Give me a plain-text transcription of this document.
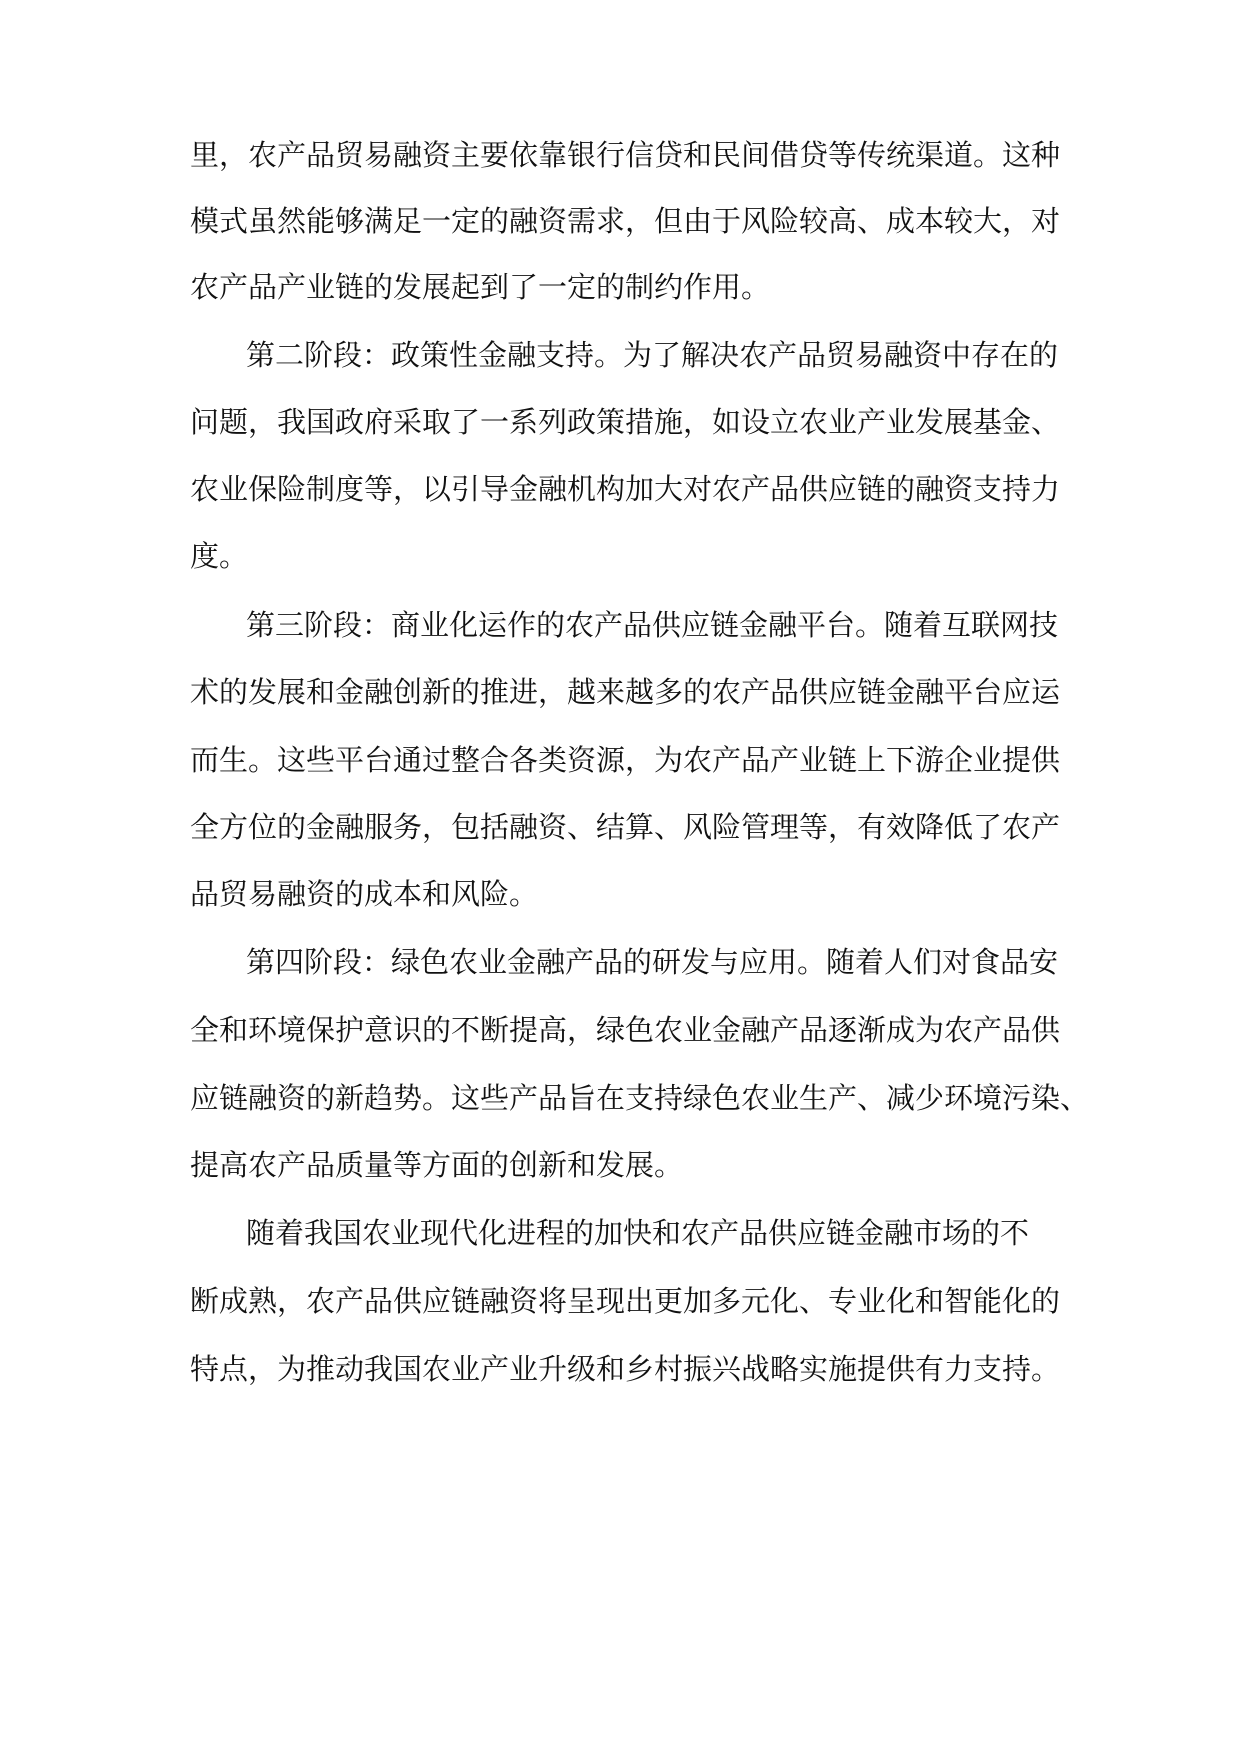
里，农产品贸易融资主要依靠银行信贷和民间借贷等传统渠道。这种
模式虽然能够满足一定的融资需求，但由于风险较高、成本较大，对
农产品产业链的发展起到了一定的制约作用。
第二阶段：政策性金融支持。为了解决农产品贸易融资中存在的
问题，我国政府采取了一系列政策措施，如设立农业产业发展基金、
农业保险制度等，以引导金融机构加大对农产品供应链的融资支持力
度。
第三阶段：商业化运作的农产品供应链金融平台。随着互联网技
术的发展和金融创新的推进，越来越多的农产品供应链金融平台应运
而生。这些平台通过整合各类资源，为农产品产业链上下游企业提供
全方位的金融服务，包括融资、结算、风险管理等，有效降低了农产
品贸易融资的成本和风险。
第四阶段：绿色农业金融产品的研发与应用。随着人们对食品安
全和环境保护意识的不断提高，绿色农业金融产品逐渐成为农产品供
应链融资的新趋势。这些产品旨在支持绿色农业生产、减少环境污染、
提高农产品质量等方面的创新和发展。
随着我国农业现代化进程的加快和农产品供应链金融市场的不
断成熟，农产品供应链融资将呈现出更加多元化、专业化和智能化的
特点，为推动我国农业产业升级和乡村振兴战略实施提供有力支持。
